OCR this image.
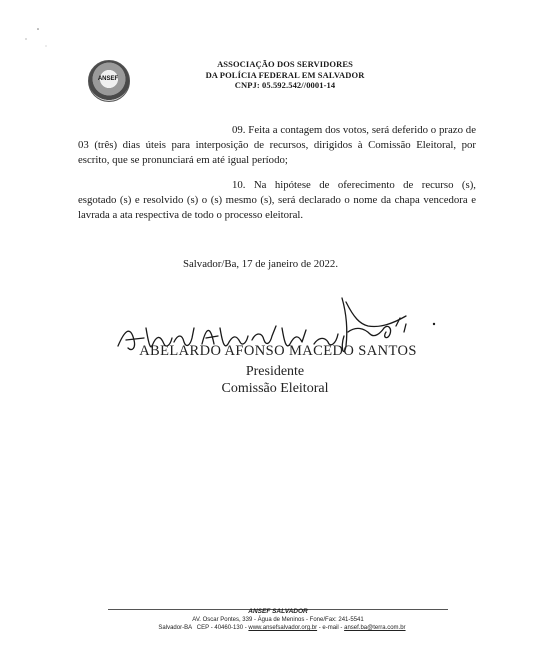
ANSEF
ASSOCIAÇÃO DOS SERVIDORES
DA POLÍCIA FEDERAL EM SALVADOR
CNPJ: 05.592.542//0001-14
09. Feita a contagem dos votos, será deferido o prazo de 03 (três) dias úteis para interposição de recursos, dirigidos à Comissão Eleitoral, por escrito, que se pronunciará em até igual período;
10. Na hipótese de oferecimento de recurso (s), esgotado (s) e resolvido (s) o (s) mesmo (s), será declarado o nome da chapa vencedora e lavrada a ata respectiva de todo o processo eleitoral.
Salvador/Ba, 17 de janeiro de 2022.
ABELARDO AFONSO MACEDO SANTOS
Presidente
Comissão Eleitoral
ANSEF SALVADOR
AV. Oscar Pontes, 339 - Água de Meninos - Fone/Fax: 241-5541
Salvador-BA CEP - 40460-130 - www.ansefsalvador.org.br - e-mail - ansef.ba@terra.com.br
